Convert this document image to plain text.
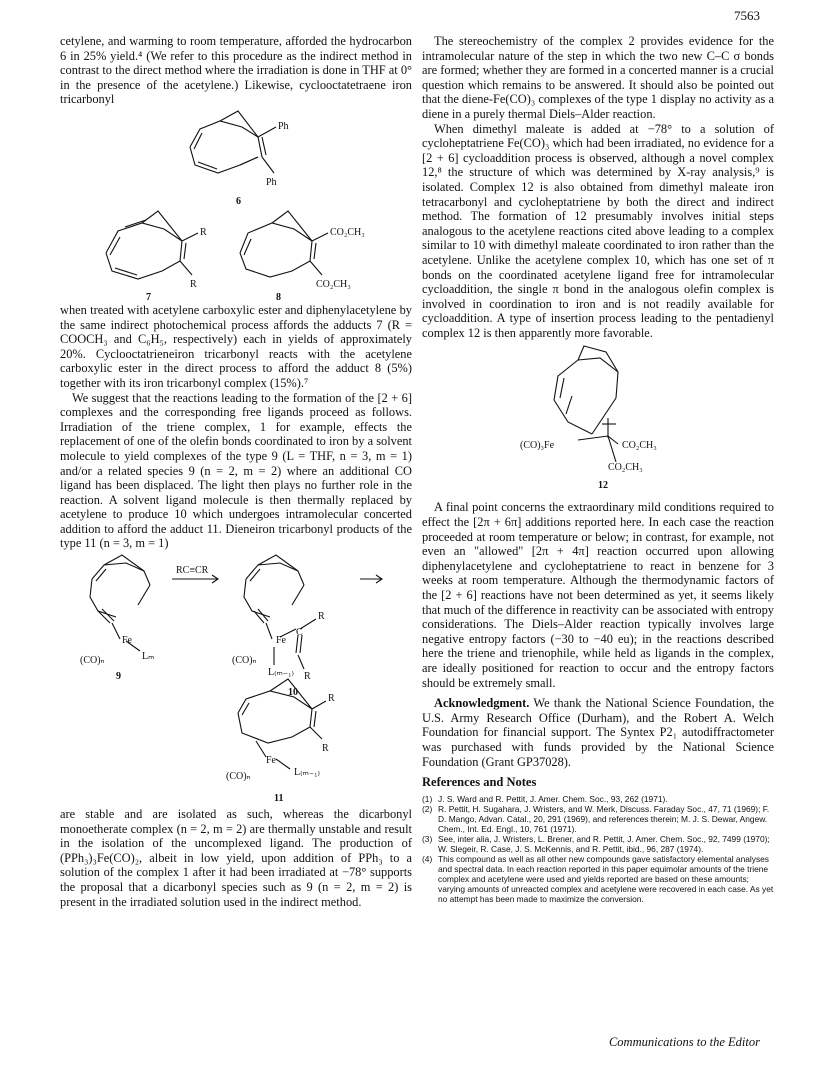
7563

cetylene, and warming to room temperature, afforded the hydrocarbon 6 in 25% yield.⁴ (We refer to this procedure as the indirect method in contrast to the direct method where the irradiation is done in THF at 0° in the presence of the acetylene.) Likewise, cyclooctatetraene iron tricarbonyl

Ph
Ph
6
R
R
7
CO₂CH₃
CO₂CH₃
8

when treated with acetylene carboxylic ester and diphenylacetylene by the same indirect photochemical process affords the adducts 7 (R = COOCH₃ and C₆H₅, respectively) each in yields of approximately 20%. Cyclooctatrieneiron tricarbonyl reacts with the acetylene carboxylic ester in the direct process to afford the adduct 8 (5%) together with its iron tricarbonyl complex (15%).⁷

We suggest that the reactions leading to the formation of the [2 + 6] complexes and the corresponding free ligands proceed as follows. Irradiation of the triene complex, 1 for example, effects the replacement of one of the olefin bonds coordinated to iron by a solvent molecule to yield complexes of the type 9 (L = THF, n = 3, m = 1) and/or a related species 9 (n = 2, m = 2) where an additional CO ligand has been displaced. The light then plays no further role in the reaction. A solvent ligand molecule is then thermally replaced by acetylene to produce 10 which undergoes intramolecular concerted addition to afford the adduct 11. Dieneiron tricarbonyl products of the type 11 (n = 3, m = 1)

RC≡CR
Fe
(CO)ₙ	Lₘ
9
Fe
(CO)ₙ
C
R
R
L₍ₘ₋₁₎
10
R
R
Fe
(CO)ₙ	L₍ₘ₋₁₎
11

are stable and are isolated as such, whereas the dicarbonyl monoetherate complex (n = 2, m = 2) are thermally unstable and result in the isolation of the uncomplexed ligand. The production of (PPh₃)₃Fe(CO)₂, albeit in low yield, upon addition of PPh₃ to a solution of the complex 1 after it had been irradiated at −78° supports the proposal that a dicarbonyl species such as 9 (n = 2, m = 2) is present in the irradiated solution used in the indirect method.

The stereochemistry of the complex 2 provides evidence for the intramolecular nature of the step in which the two new C–C σ bonds are formed; whether they are formed in a concerted manner is a crucial question which remains to be answered. It should also be pointed out that the diene-Fe(CO)₃ complexes of the type 1 display no activity as a diene in a purely thermal Diels–Alder reaction.

When dimethyl maleate is added at −78° to a solution of cycloheptatriene Fe(CO)₃ which had been irradiated, no evidence for a [2 + 6] cycloaddition process is observed, although a novel complex 12,⁸ the structure of which was determined by X-ray analysis,⁹ is isolated. Complex 12 is also obtained from dimethyl maleate iron tetracarbonyl and cycloheptatriene by both the direct and indirect method. The formation of 12 presumably involves initial steps analogous to the acetylene reactions cited above leading to a complex similar to 10 with dimethyl maleate coordinated to iron rather than the acetylene. Unlike the acetylene complex 10, which has one set of π bonds on the coordinated acetylene ligand free for intramolecular cycloaddition, the single π bond in the analogous olefin complex is involved in coordination to iron and is not readily available for cycloaddition. A type of insertion process leading to the pentadienyl complex 12 is then apparently more favorable.

(CO)₃Fe	CO₂CH₃
CO₂CH₃
12

A final point concerns the extraordinary mild conditions required to effect the [2π + 6π] additions reported here. In each case the reaction proceeded at room temperature or below; in contrast, for example, not even an "allowed" [2π + 4π] reaction occurred upon allowing diphenylacetylene and cycloheptatriene to react in benzene for 3 weeks at room temperature. Although the thermodynamic factors of the [2 + 6] reactions have not been determined as yet, it seems likely that much of the difference in reactivity can be associated with entropy considerations. The Diels–Alder reaction typically involves large negative entropy factors (−30 to −40 eu); in the reactions described here the triene and trienophile, while held as ligands in the complex, are ideally positioned for reaction to occur and the entropy factors should be extremely small.

Acknowledgment. We thank the National Science Foundation, the U.S. Army Research Office (Durham), and the Robert A. Welch Foundation for financial support. The Syntex P2₁ autodiffractometer was purchased with funds provided by the National Science Foundation (Grant GP37028).

References and Notes
(1) J. S. Ward and R. Pettit, J. Amer. Chem. Soc., 93, 262 (1971).
(2) R. Pettit, H. Sugahara, J. Wristers, and W. Merk, Discuss. Faraday Soc., 47, 71 (1969); F. D. Mango, Advan. Catal., 20, 291 (1969), and references therein; M. J. S. Dewar, Angew. Chem., Int. Ed. Engl., 10, 761 (1971).
(3) See, inter alia, J. Wristers, L. Brener, and R. Pettit, J. Amer. Chem. Soc., 92, 7499 (1970); W. Slegeir, R. Case, J. S. McKennis, and R. Pettit, ibid., 96, 287 (1974).
(4) This compound as well as all other new compounds gave satisfactory elemental analyses and spectral data. In each reaction reported in this paper equimolar amounts of the triene complex and acetylene were used and yields reported are based on these amounts; varying amounts of unreacted complex and acetylene were recovered in each case. As yet no attempt has been made to maximize the conversion.
Communications to the Editor
